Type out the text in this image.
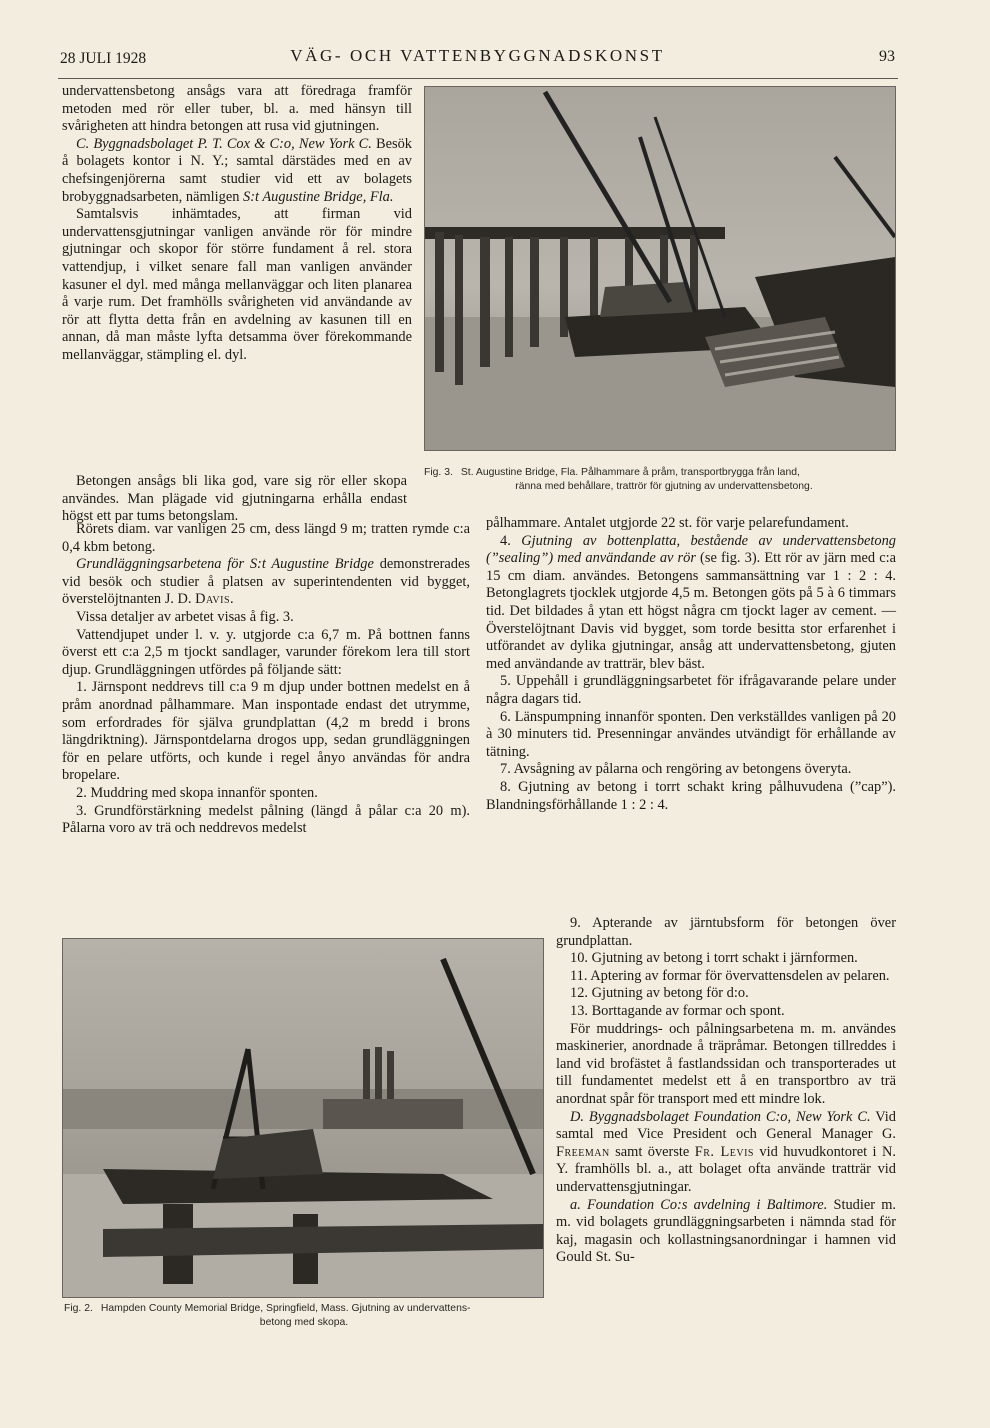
28 JULI 1928	VÄG- OCH VATTENBYGGNADSKONST	93

undervattensbetong ansågs vara att föredraga framför metoden med rör eller tuber, bl. a. med hänsyn till svårigheten att hindra betongen att rusa vid gjutningen.

C. Byggnadsbolaget P. T. Cox & C:o, New York C. Besök å bolagets kontor i N. Y.; samtal därstädes med en av chefsingenjörerna samt studier vid ett av bolagets brobyggnadsarbeten, nämligen S:t Augustine Bridge, Fla.

Samtalsvis inhämtades, att firman vid undervattensgjutningar vanligen använde rör för mindre gjutningar och skopor för större fundament å rel. stora vattendjup, i vilket senare fall man vanligen använder kasuner el dyl. med många mellanväggar och liten planarea å varje rum. Det framhölls svårigheten vid användande av rör att flytta detta från en avdelning av kasunen till en annan, då man måste lyfta detsamma över förekommande mellanväggar, stämpling el. dyl.

Betongen ansågs bli lika god, vare sig rör eller skopa användes. Man plägade vid gjutningarna erhålla endast högst ett par tums betongslam.

Rörets diam. var vanligen 25 cm, dess längd 9 m; tratten rymde c:a 0,4 kbm betong.

Grundläggningsarbetena för S:t Augustine Bridge demonstrerades vid besök och studier å platsen av superintendenten vid bygget, överstelöjtnanten J. D. Davis.

Vissa detaljer av arbetet visas å fig. 3.

Vattendjupet under l. v. y. utgjorde c:a 6,7 m. På bottnen fanns överst ett c:a 2,5 m tjockt sandlager, varunder förekom lera till stort djup. Grundläggningen utfördes på följande sätt:

1. Järnspont neddrevs till c:a 9 m djup under bottnen medelst en å pråm anordnad pålhammare. Man inspontade endast det utrymme, som erfordrades för själva grundplattan (4,2 m bredd i brons längdriktning). Järnspontdelarna drogos upp, sedan grundläggningen för en pelare utförts, och kunde i regel ånyo användas för andra bropelare.

2. Muddring med skopa innanför sponten.

3. Grundförstärkning medelst pålning (längd å pålar c:a 20 m). Pålarna voro av trä och neddrevos medelst

pålhammare. Antalet utgjorde 22 st. för varje pelarefundament.

4. Gjutning av bottenplatta, bestående av undervattensbetong (”sealing”) med användande av rör (se fig. 3). Ett rör av järn med c:a 15 cm diam. användes. Betongens sammansättning var 1 : 2 : 4. Betonglagrets tjocklek utgjorde 4,5 m. Betongen göts på 5 à 6 timmars tid. Det bildades å ytan ett högst några cm tjockt lager av cement. — Överstelöjtnant Davis vid bygget, som torde besitta stor erfarenhet i utförandet av dylika gjutningar, ansåg att undervattensbetong, gjuten med användande av tratträr, blev bäst.

5. Uppehåll i grundläggningsarbetet för ifrågavarande pelare under några dagars tid.

6. Länspumpning innanför sponten. Den verkställdes vanligen på 20 à 30 minuters tid. Presenningar användes utvändigt för erhållande av tätning.

7. Avsågning av pålarna och rengöring av betongens överyta.

8. Gjutning av betong i torrt schakt kring pålhuvudena (”cap”). Blandningsförhållande 1 : 2 : 4.

9. Apterande av järntubsform för betongen över grundplattan.

10. Gjutning av betong i torrt schakt i järnformen.

11. Aptering av formar för övervattensdelen av pelaren.

12. Gjutning av betong för d:o.

13. Borttagande av formar och spont.

För muddrings- och pålningsarbetena m. m. användes maskinerier, anordnade å träpråmar. Betongen tillreddes i land vid brofästet å fastlandssidan och transporterades ut till fundamentet medelst ett å en transportbro av trä anordnat spår för transport med ett mindre lok.

D. Byggnadsbolaget Foundation C:o, New York C. Vid samtal med Vice President och General Manager G. Freeman samt överste Fr. Levis vid huvudkontoret i N. Y. framhölls bl. a., att bolaget ofta använde tratträr vid undervattensgjutningar.

a. Foundation Co:s avdelning i Baltimore. Studier m. m. vid bolagets grundläggningsarbeten i nämnda stad för kaj, magasin och kollastningsanordningar i hamnen vid Gould St. Su-

Fig. 3. St. Augustine Bridge, Fla. Pålhammare å pråm, transportbrygga från land,
ränna med behållare, trattrör för gjutning av undervattensbetong.
Fig. 2. Hampden County Memorial Bridge, Springfield, Mass. Gjutning av undervattens-
betong med skopa.
